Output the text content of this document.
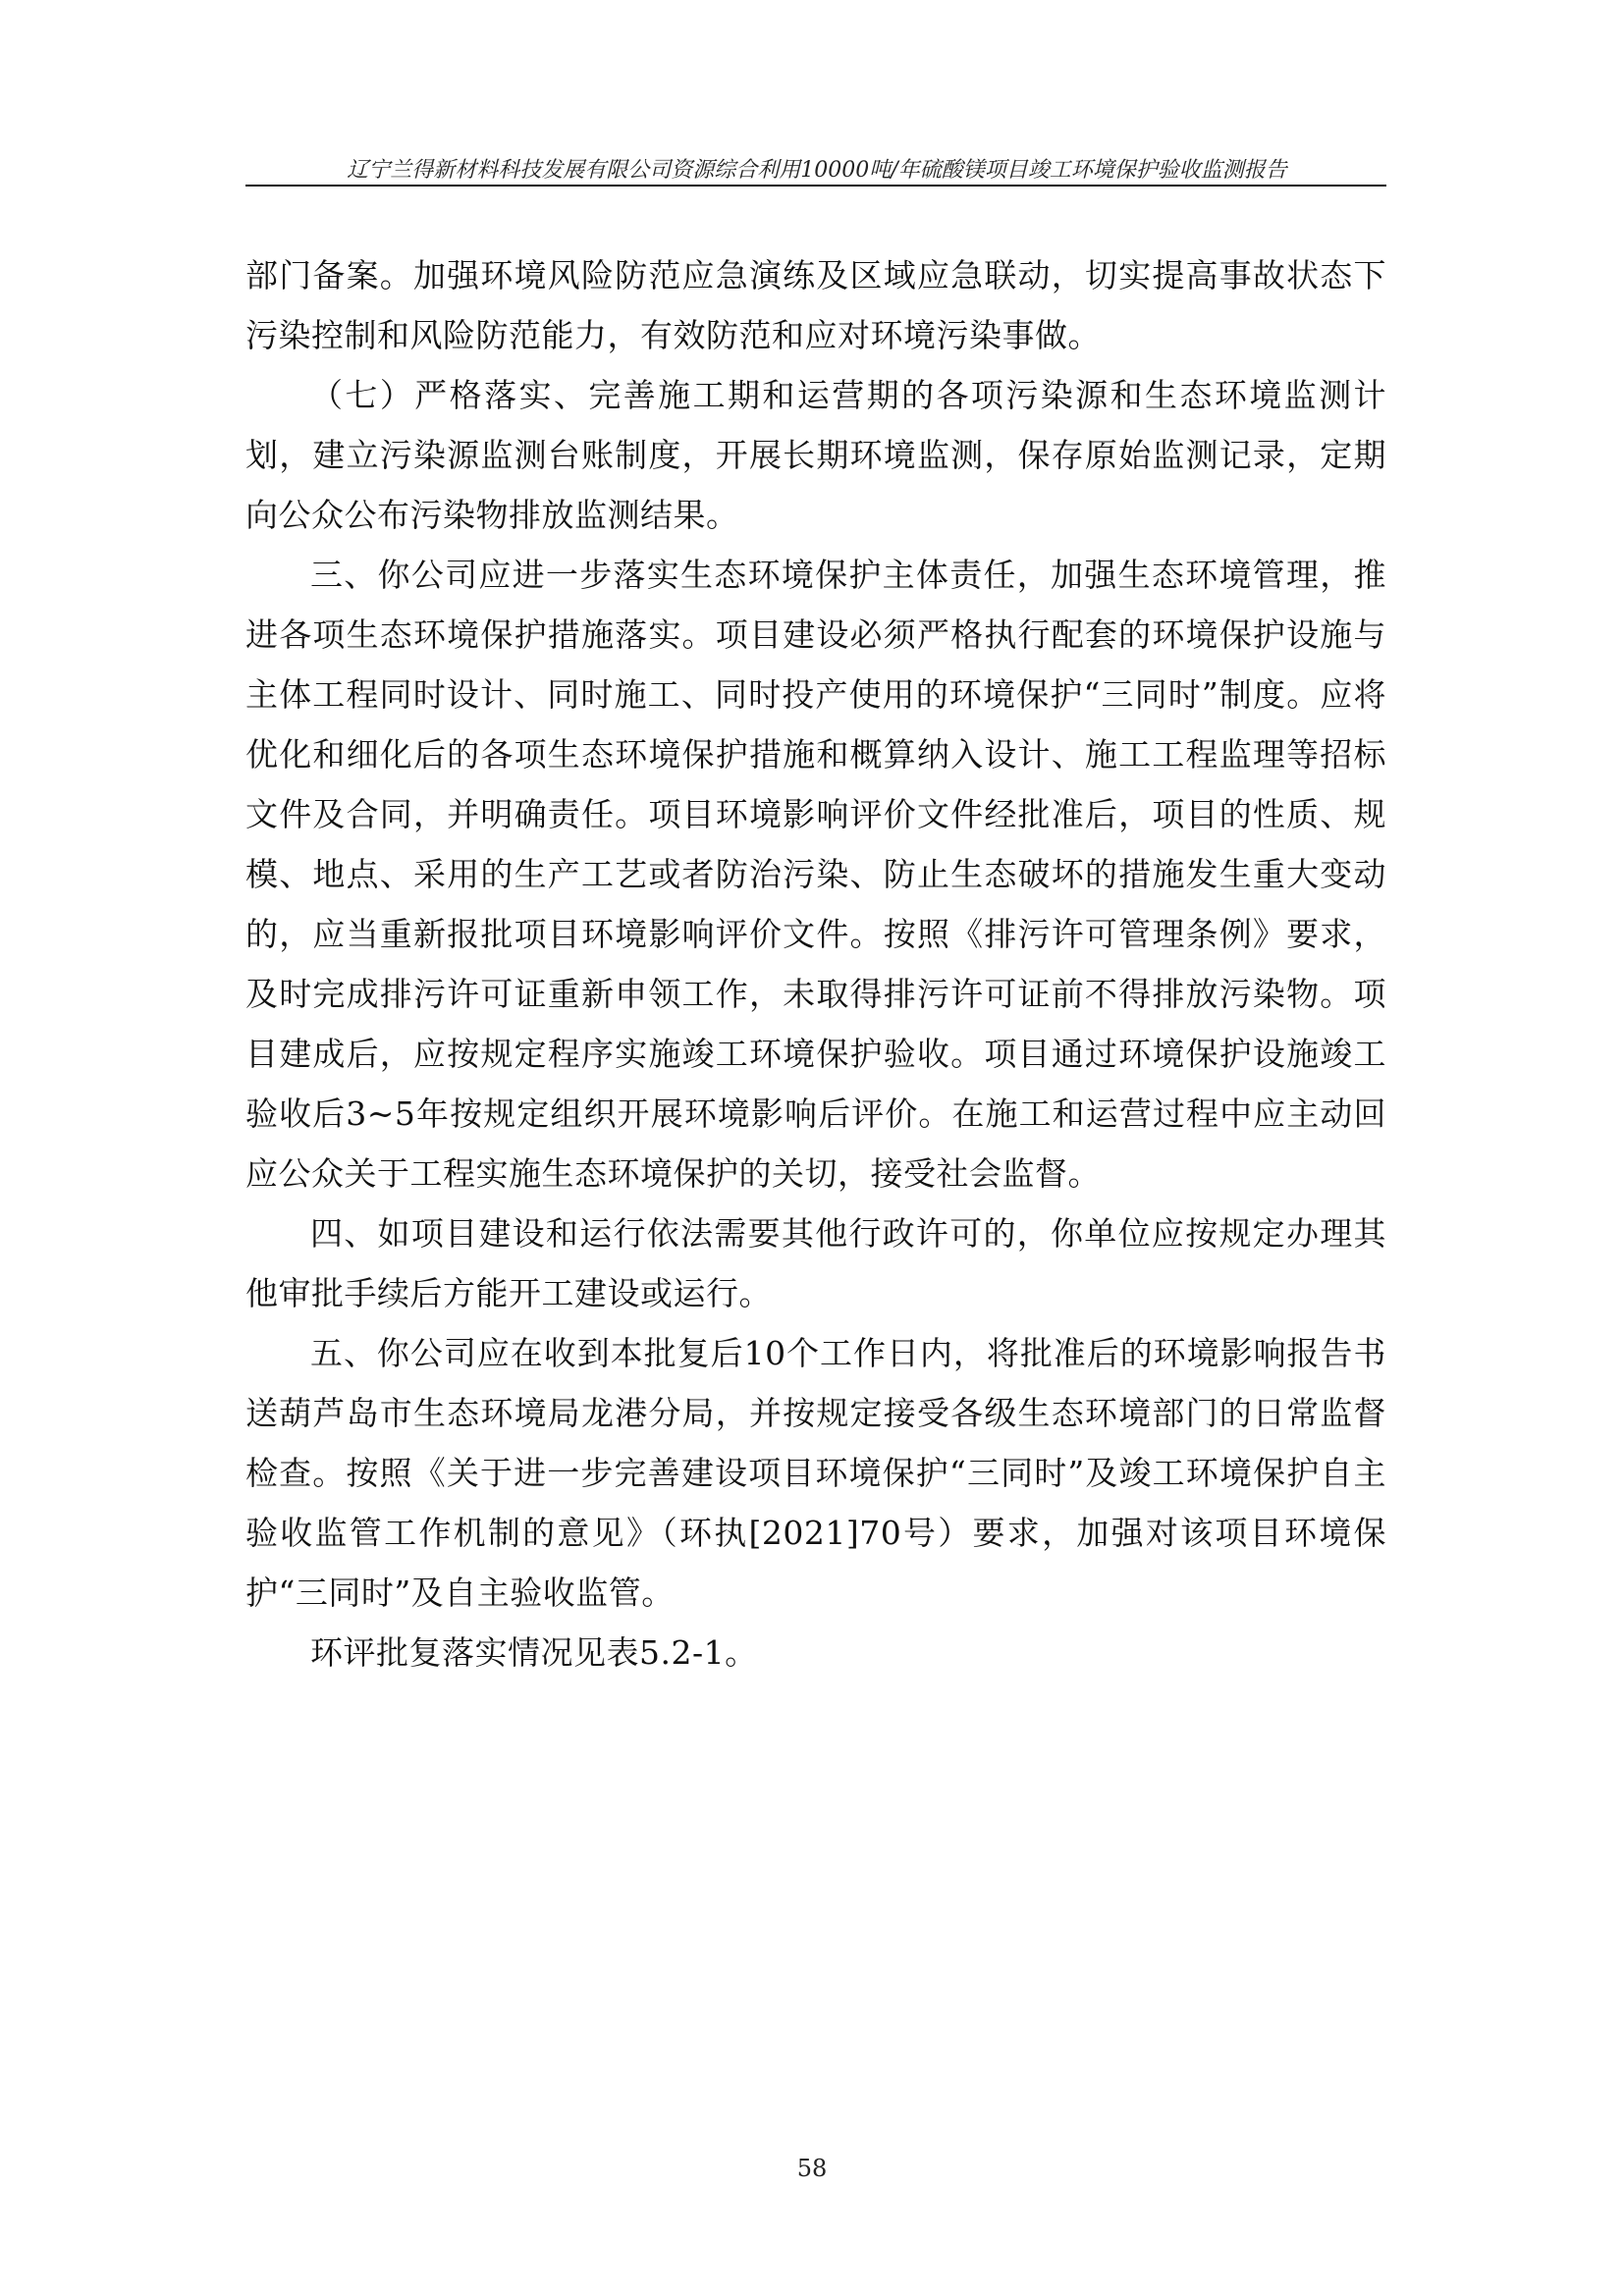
辽宁兰得新材料科技发展有限公司资源综合利用10000吨/年硫酸镁项目竣工环境保护验收监测报告

部门备案。加强环境风险防范应急演练及区域应急联动，切实提高事故状态下污染控制和风险防范能力，有效防范和应对环境污染事做。

（七）严格落实、完善施工期和运营期的各项污染源和生态环境监测计划，建立污染源监测台账制度，开展长期环境监测，保存原始监测记录，定期向公众公布污染物排放监测结果。

三、你公司应进一步落实生态环境保护主体责任，加强生态环境管理，推进各项生态环境保护措施落实。项目建设必须严格执行配套的环境保护设施与主体工程同时设计、同时施工、同时投产使用的环境保护“三同时”制度。应将优化和细化后的各项生态环境保护措施和概算纳入设计、施工工程监理等招标文件及合同，并明确责任。项目环境影响评价文件经批准后，项目的性质、规模、地点、采用的生产工艺或者防治污染、防止生态破坏的措施发生重大变动的，应当重新报批项目环境影响评价文件。按照《排污许可管理条例》要求，及时完成排污许可证重新申领工作，未取得排污许可证前不得排放污染物。项目建成后，应按规定程序实施竣工环境保护验收。项目通过环境保护设施竣工验收后3~5年按规定组织开展环境影响后评价。在施工和运营过程中应主动回应公众关于工程实施生态环境保护的关切，接受社会监督。

四、如项目建设和运行依法需要其他行政许可的，你单位应按规定办理其他审批手续后方能开工建设或运行。

五、你公司应在收到本批复后10个工作日内，将批准后的环境影响报告书送葫芦岛市生态环境局龙港分局，并按规定接受各级生态环境部门的日常监督检查。按照《关于进一步完善建设项目环境保护“三同时”及竣工环境保护自主验收监管工作机制的意见》（环执[2021]70号）要求，加强对该项目环境保护“三同时”及自主验收监管。

环评批复落实情况见表5.2-1。

58
